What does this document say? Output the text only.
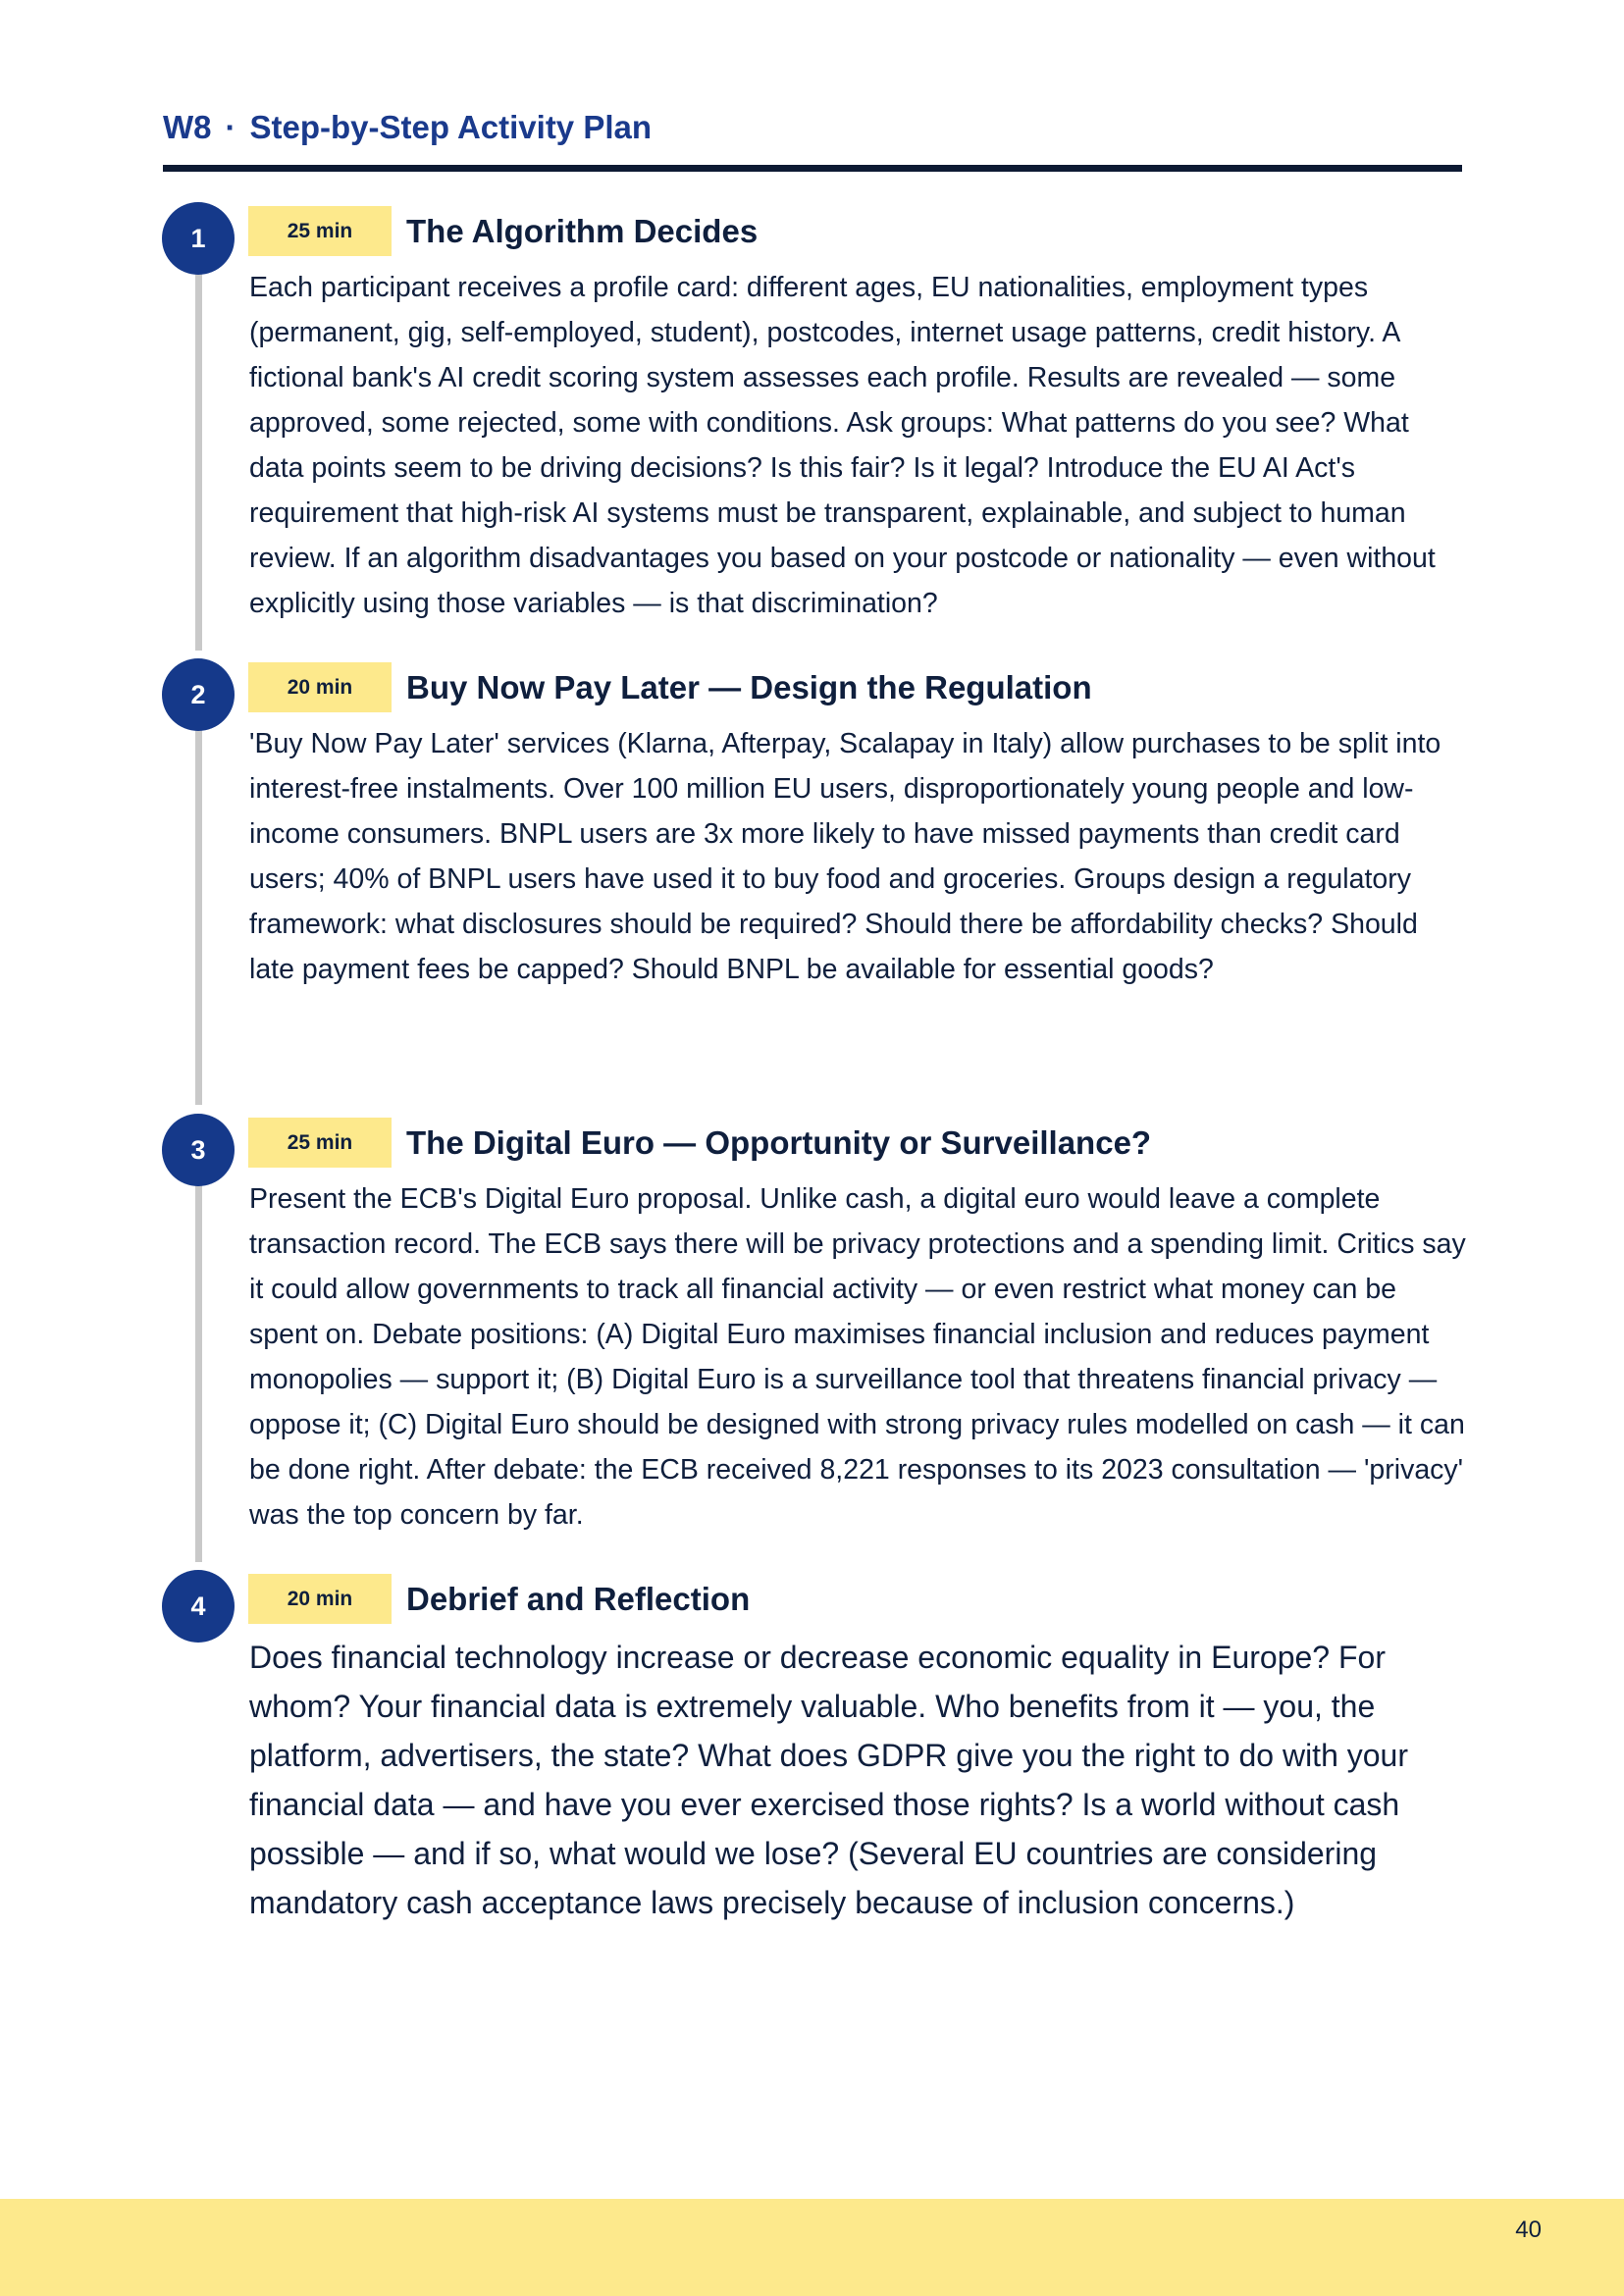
W8 · Step-by-Step Activity Plan
1	25 min	The Algorithm Decides
Each participant receives a profile card: different ages, EU nationalities, employment types (permanent, gig, self-employed, student), postcodes, internet usage patterns, credit history. A fictional bank's AI credit scoring system assesses each profile. Results are revealed — some approved, some rejected, some with conditions. Ask groups: What patterns do you see? What data points seem to be driving decisions? Is this fair? Is it legal? Introduce the EU AI Act's requirement that high-risk AI systems must be transparent, explainable, and subject to human review. If an algorithm disadvantages you based on your postcode or nationality — even without explicitly using those variables — is that discrimination?
2	20 min	Buy Now Pay Later — Design the Regulation
'Buy Now Pay Later' services (Klarna, Afterpay, Scalapay in Italy) allow purchases to be split into interest-free instalments. Over 100 million EU users, disproportionately young people and low-income consumers. BNPL users are 3x more likely to have missed payments than credit card users; 40% of BNPL users have used it to buy food and groceries. Groups design a regulatory framework: what disclosures should be required? Should there be affordability checks? Should late payment fees be capped? Should BNPL be available for essential goods?
3	25 min	The Digital Euro — Opportunity or Surveillance?
Present the ECB's Digital Euro proposal. Unlike cash, a digital euro would leave a complete transaction record. The ECB says there will be privacy protections and a spending limit. Critics say it could allow governments to track all financial activity — or even restrict what money can be spent on. Debate positions: (A) Digital Euro maximises financial inclusion and reduces payment monopolies — support it; (B) Digital Euro is a surveillance tool that threatens financial privacy — oppose it; (C) Digital Euro should be designed with strong privacy rules modelled on cash — it can be done right. After debate: the ECB received 8,221 responses to its 2023 consultation — 'privacy' was the top concern by far.
4	20 min	Debrief and Reflection
Does financial technology increase or decrease economic equality in Europe? For whom? Your financial data is extremely valuable. Who benefits from it — you, the platform, advertisers, the state? What does GDPR give you the right to do with your financial data — and have you ever exercised those rights? Is a world without cash possible — and if so, what would we lose? (Several EU countries are considering mandatory cash acceptance laws precisely because of inclusion concerns.)
40
